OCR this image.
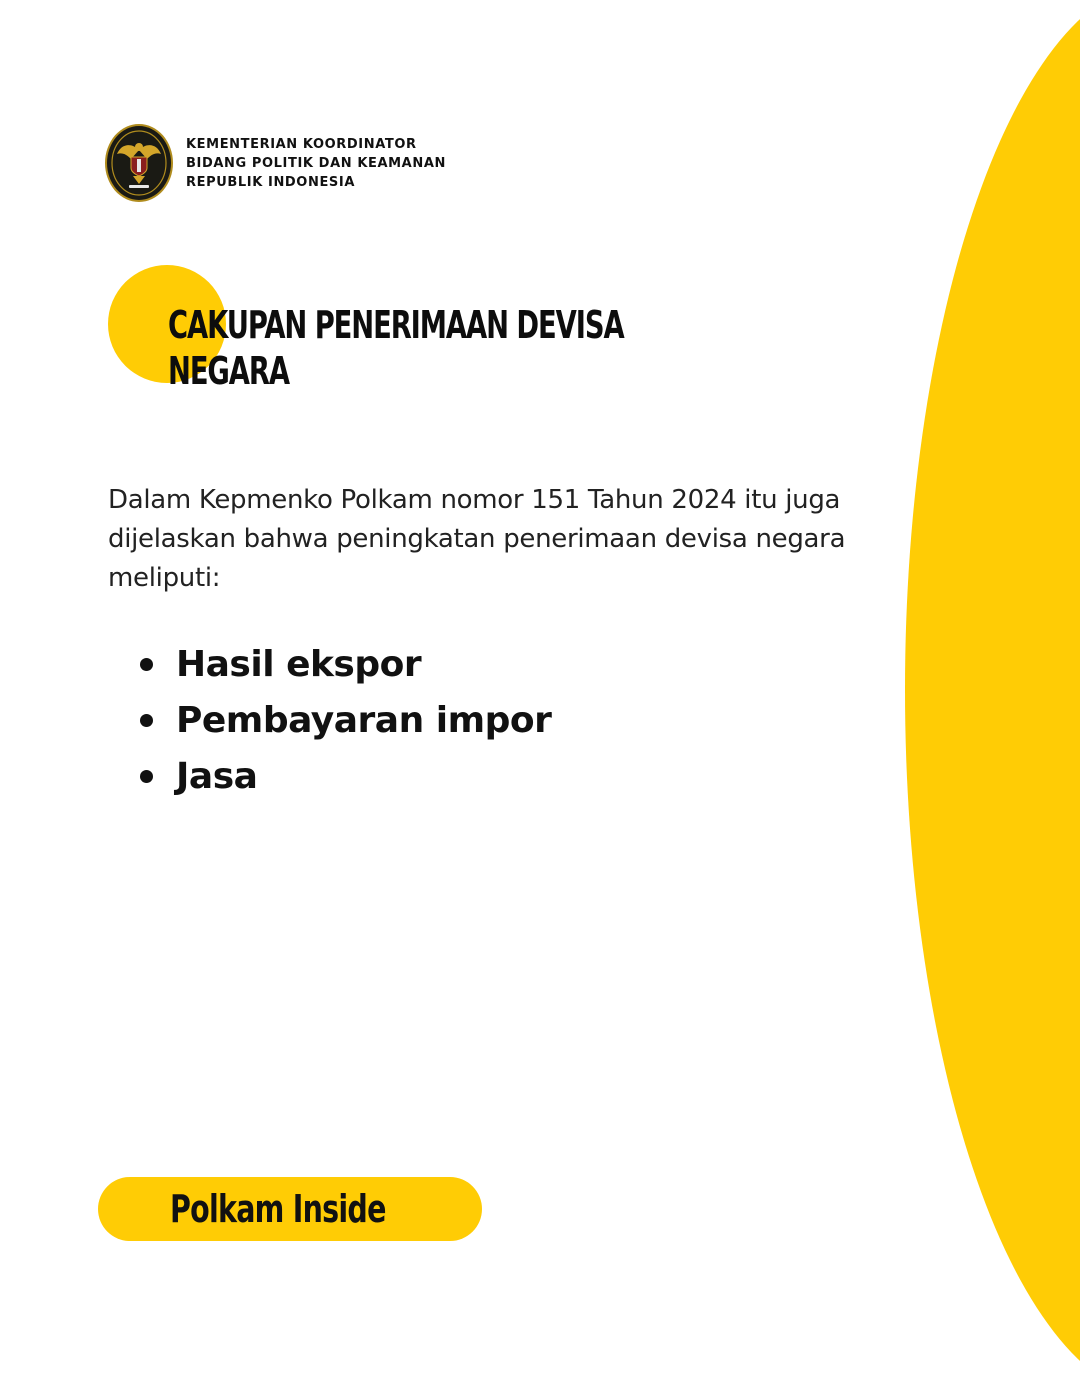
KEMENTERIAN KOORDINATOR
BIDANG POLITIK DAN KEAMANAN
REPUBLIK INDONESIA
CAKUPAN PENERIMAAN DEVISA
NEGARA

Dalam Kepmenko Polkam nomor 151 Tahun 2024 itu juga dijelaskan bahwa peningkatan penerimaan devisa negara meliputi:

Hasil ekspor
Pembayaran impor
Jasa
Polkam Inside
